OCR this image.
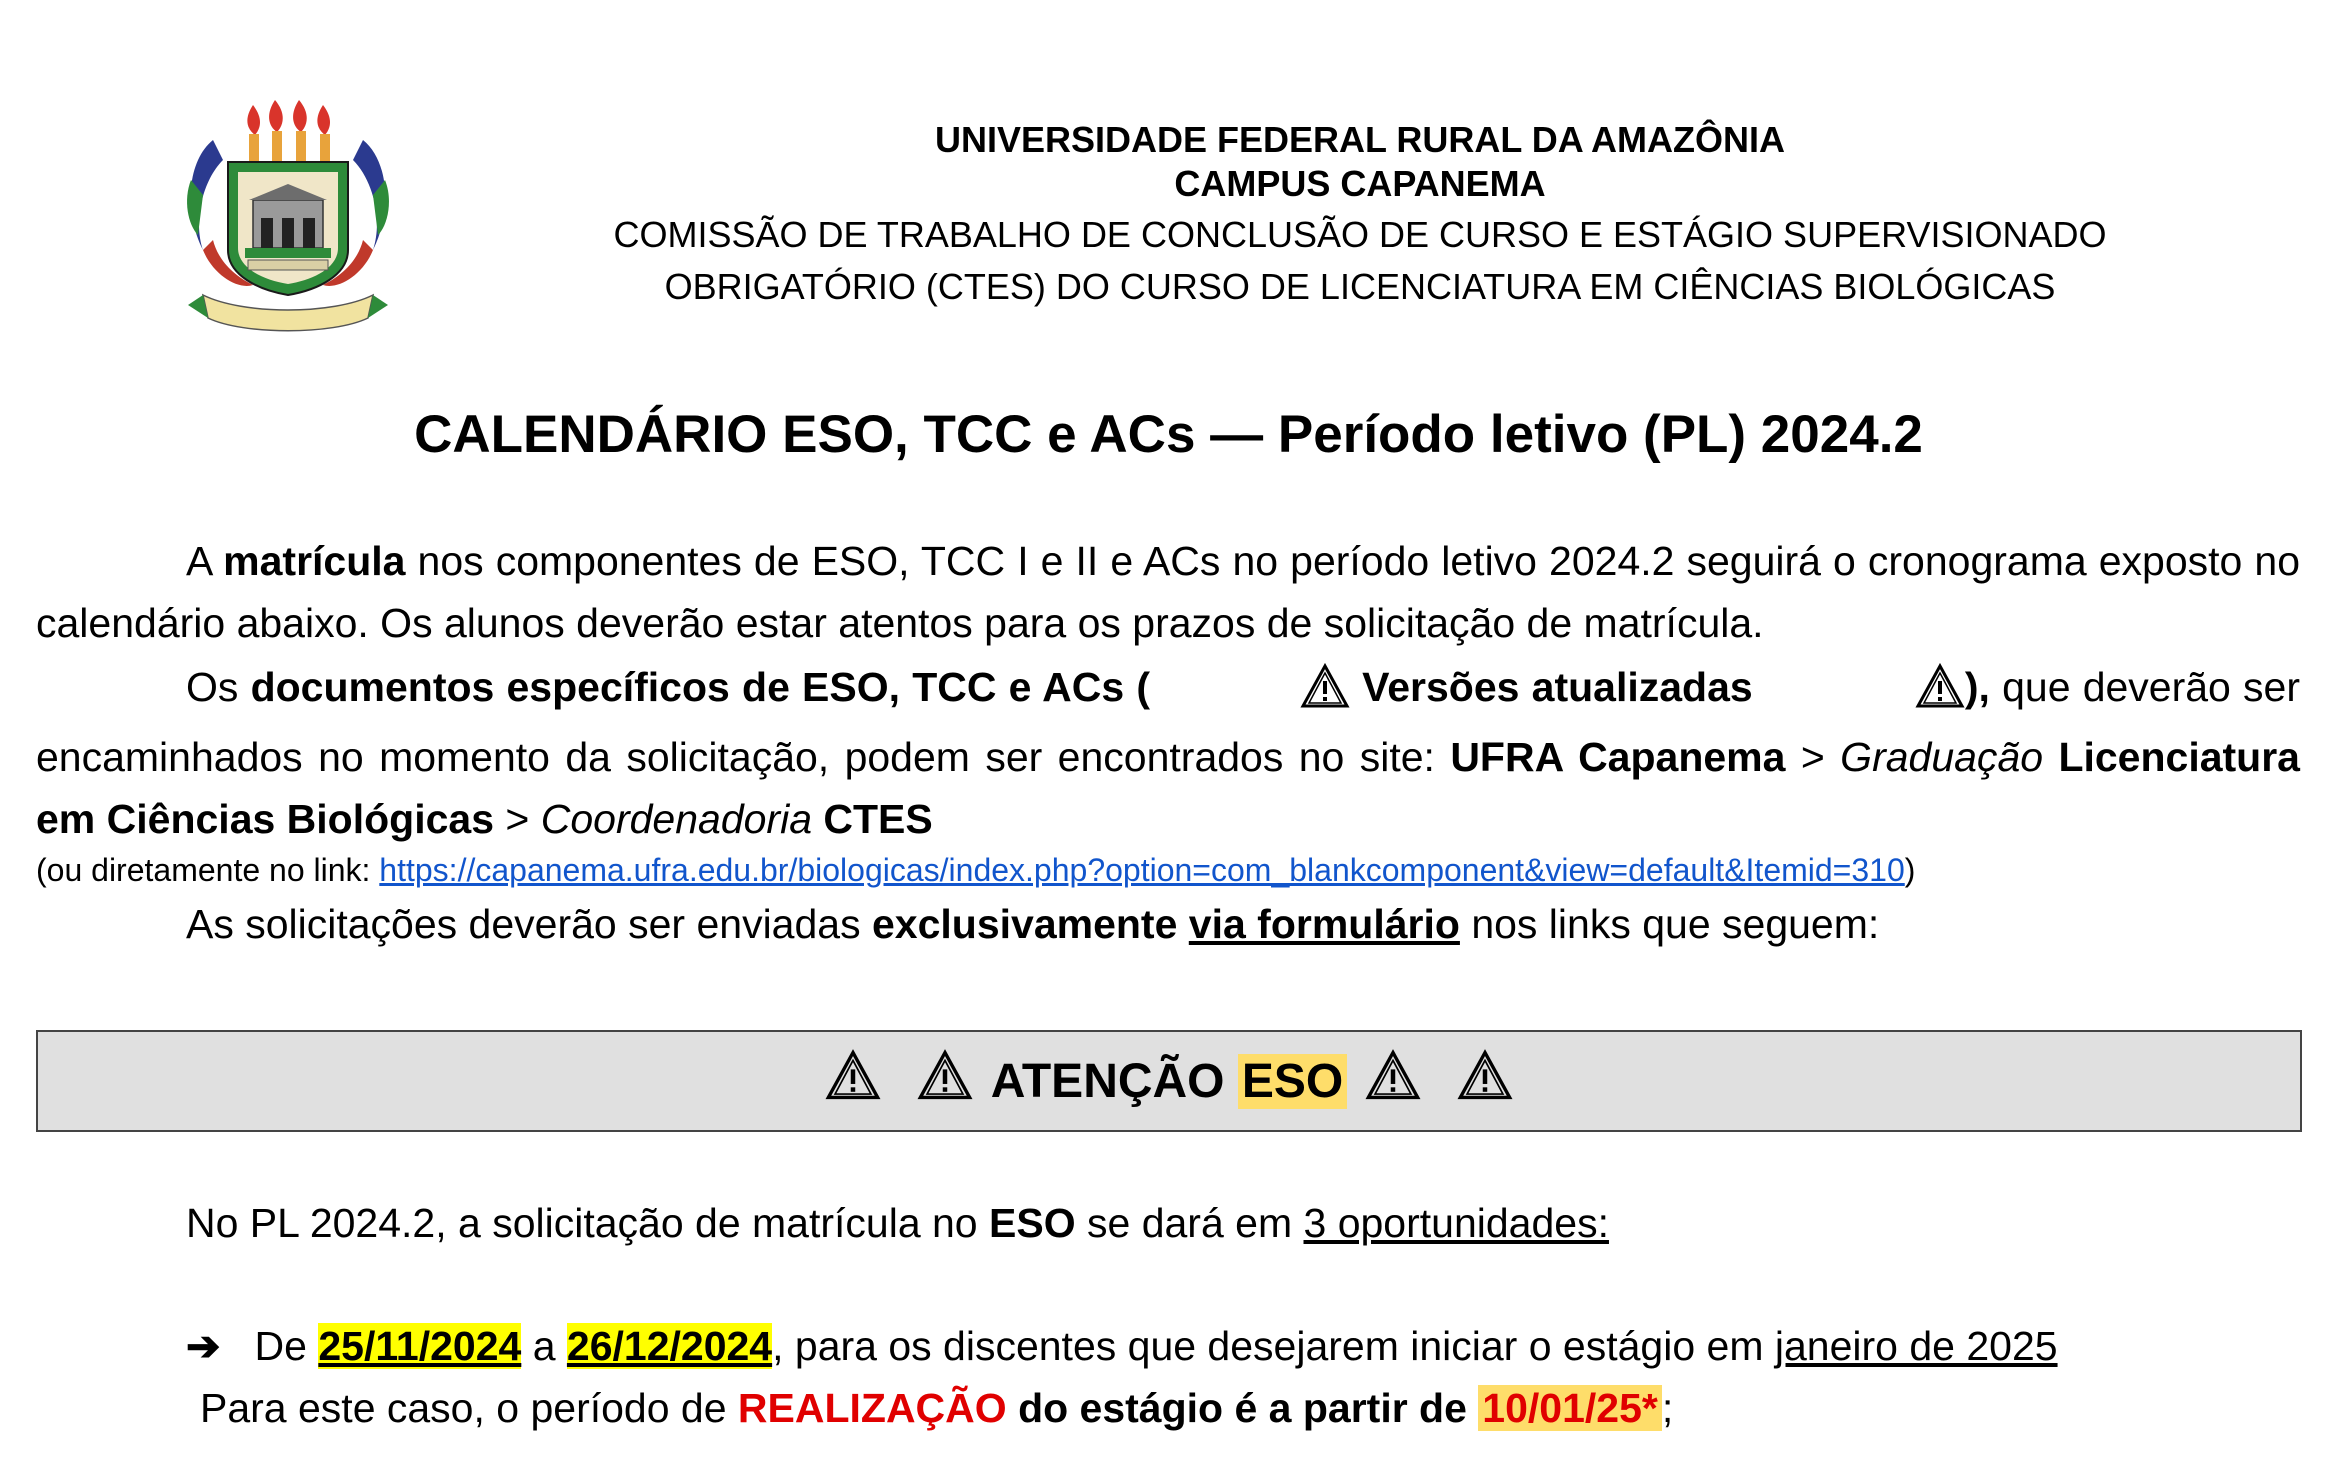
UNIVERSIDADE FEDERAL RURAL DA AMAZÔNIA
CAMPUS CAPANEMA
COMISSÃO DE TRABALHO DE CONCLUSÃO DE CURSO E ESTÁGIO SUPERVISIONADO
OBRIGATÓRIO (CTES) DO CURSO DE LICENCIATURA EM CIÊNCIAS BIOLÓGICAS
CALENDÁRIO ESO, TCC e ACs — Período letivo (PL) 2024.2
A matrícula nos componentes de ESO, TCC I e II e ACs no período letivo 2024.2 seguirá o cronograma exposto no calendário abaixo. Os alunos deverão estar atentos para os prazos de solicitação de matrícula.
Os documentos específicos de ESO, TCC e ACs (	Versões atualizadas	), que deverão ser encaminhados no momento da solicitação, podem ser encontrados no site: UFRA Capanema > Graduação Licenciatura em Ciências Biológicas > Coordenadoria CTES
(ou diretamente no link: https://capanema.ufra.edu.br/biologicas/index.php?option=com_blankcomponent&view=default&Itemid=310)
As solicitações deverão ser enviadas exclusivamente via formulário nos links que seguem:
ATENÇÃO
ESO
No PL 2024.2, a solicitação de matrícula no ESO se dará em 3 oportunidades:
➔ De 25/11/2024 a 26/12/2024, para os discentes que desejarem iniciar o estágio em janeiro de 2025
Para este caso, o período de REALIZAÇÃO do estágio é a partir de 10/01/25*;
